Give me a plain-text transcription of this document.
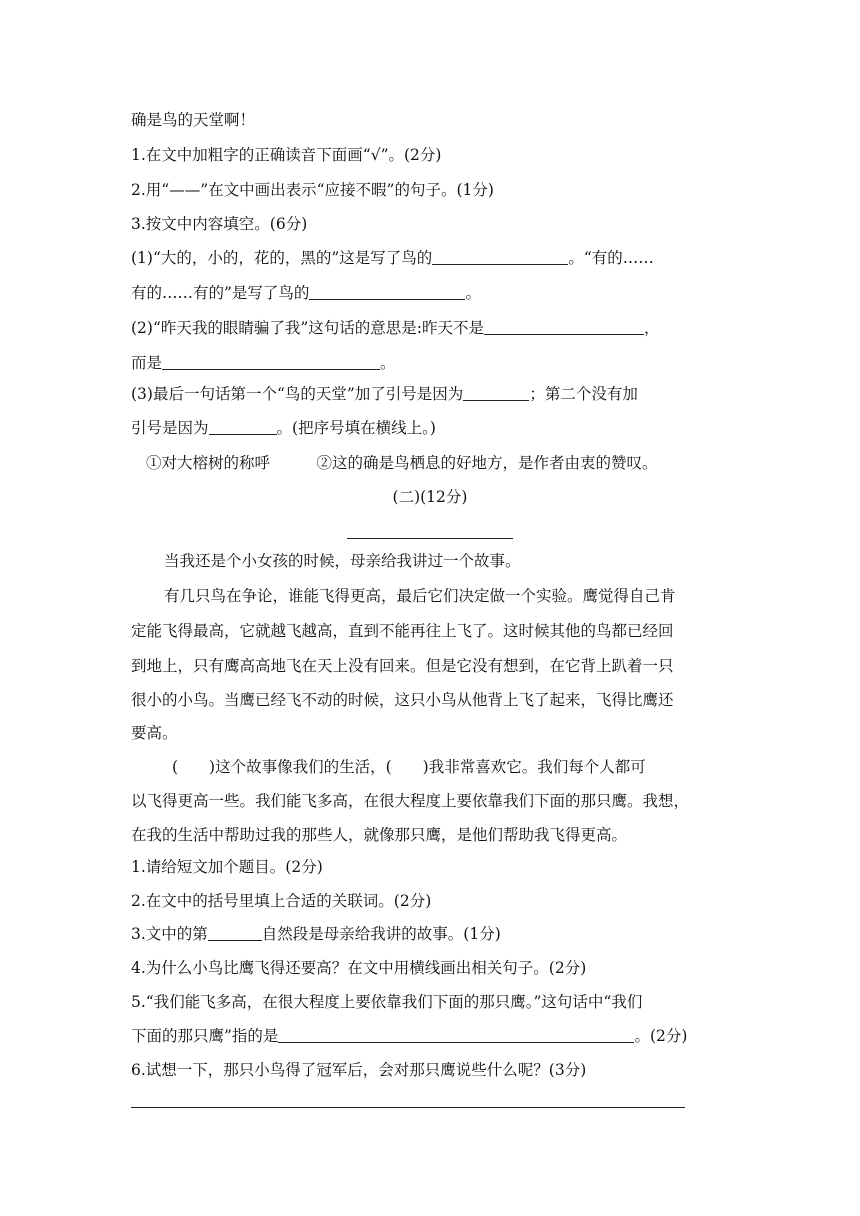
确是鸟的天堂啊！
1.在文中加粗字的正确读音下面画“√”。(2分)
2.用“——”在文中画出表示“应接不暇”的句子。(1分)
3.按文中内容填空。(6分)
(1)“大的，小的，花的，黑的”这是写了鸟的	。“有的……
有的……有的”是写了鸟的	。
(2)“昨天我的眼睛骗了我”这句话的意思是:昨天不是	，
而是	。
(3)最后一句话第一个“鸟的天堂”加了引号是因为	；第二个没有加
引号是因为	。(把序号填在横线上。)
①对大榕树的称呼　　　②这的确是鸟栖息的好地方，是作者由衷的赞叹。
(二)(12分)
当我还是个小女孩的时候，母亲给我讲过一个故事。
有几只鸟在争论，谁能飞得更高，最后它们决定做一个实验。鹰觉得自己肯
定能飞得最高，它就越飞越高，直到不能再往上飞了。这时候其他的鸟都已经回
到地上，只有鹰高高地飞在天上没有回来。但是它没有想到，在它背上趴着一只
很小的小鸟。当鹰已经飞不动的时候，这只小鸟从他背上飞了起来，飞得比鹰还
要高。
(　　)这个故事像我们的生活，(　　)我非常喜欢它。我们每个人都可
以飞得更高一些。我们能飞多高，在很大程度上要依靠我们下面的那只鹰。我想，
在我的生活中帮助过我的那些人，就像那只鹰，是他们帮助我飞得更高。
1.请给短文加个题目。(2分)
2.在文中的括号里填上合适的关联词。(2分)
3.文中的第	自然段是母亲给我讲的故事。(1分)
4.为什么小鸟比鹰飞得还要高？在文中用横线画出相关句子。(2分)
5.“我们能飞多高，在很大程度上要依靠我们下面的那只鹰。”这句话中“我们
下面的那只鹰”指的是	。(2分)
6.试想一下，那只小鸟得了冠军后，会对那只鹰说些什么呢？(3分)
